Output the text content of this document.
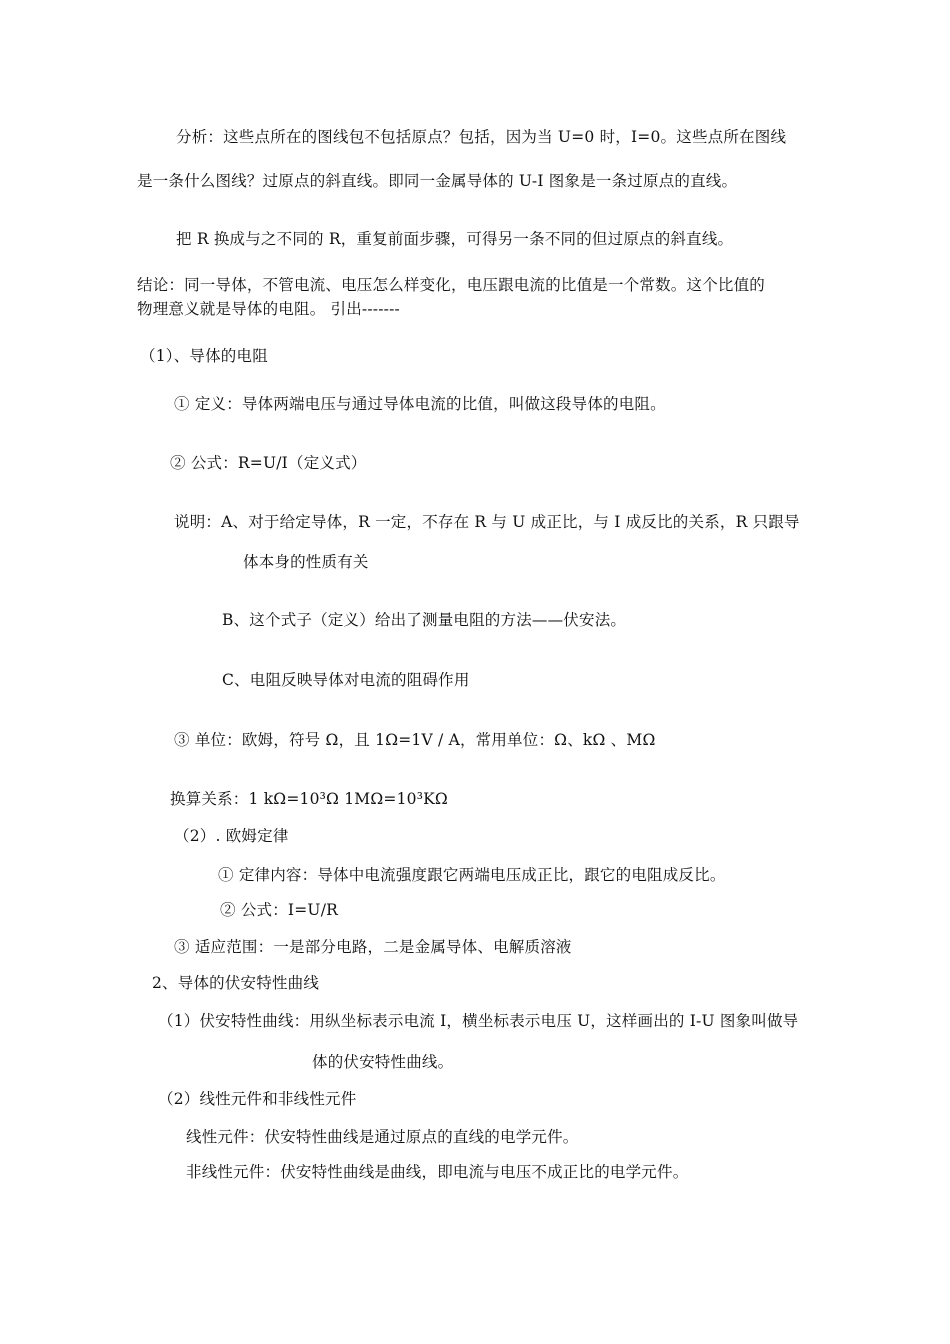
分析：这些点所在的图线包不包括原点？包括，因为当 U=0 时，I=0。这些点所在图线
是一条什么图线？过原点的斜直线。即同一金属导体的 U-I 图象是一条过原点的直线。
把 R 换成与之不同的 R，重复前面步骤，可得另一条不同的但过原点的斜直线。
结论：同一导体，不管电流、电压怎么样变化，电压跟电流的比值是一个常数。这个比值的
物理意义就是导体的电阻。 引出-------
（1）、导体的电阻
① 定义：导体两端电压与通过导体电流的比值，叫做这段导体的电阻。
② 公式：R=U/I（定义式）
说明：A、对于给定导体，R 一定，不存在 R 与 U 成正比，与 I 成反比的关系，R 只跟导
体本身的性质有关
B、这个式子（定义）给出了测量电阻的方法——伏安法。
C、电阻反映导体对电流的阻碍作用
③ 单位：欧姆，符号 Ω，且 1Ω=1V / A，常用单位：Ω、kΩ 、MΩ
换算关系：1 kΩ=10³Ω 1MΩ=10³KΩ
（2）. 欧姆定律
① 定律内容：导体中电流强度跟它两端电压成正比，跟它的电阻成反比。
② 公式：I=U/R
③ 适应范围：一是部分电路，二是金属导体、电解质溶液
2、导体的伏安特性曲线
（1）伏安特性曲线：用纵坐标表示电流 I，横坐标表示电压 U，这样画出的 I-U 图象叫做导
体的伏安特性曲线。
（2）线性元件和非线性元件
线性元件：伏安特性曲线是通过原点的直线的电学元件。
非线性元件：伏安特性曲线是曲线，即电流与电压不成正比的电学元件。
